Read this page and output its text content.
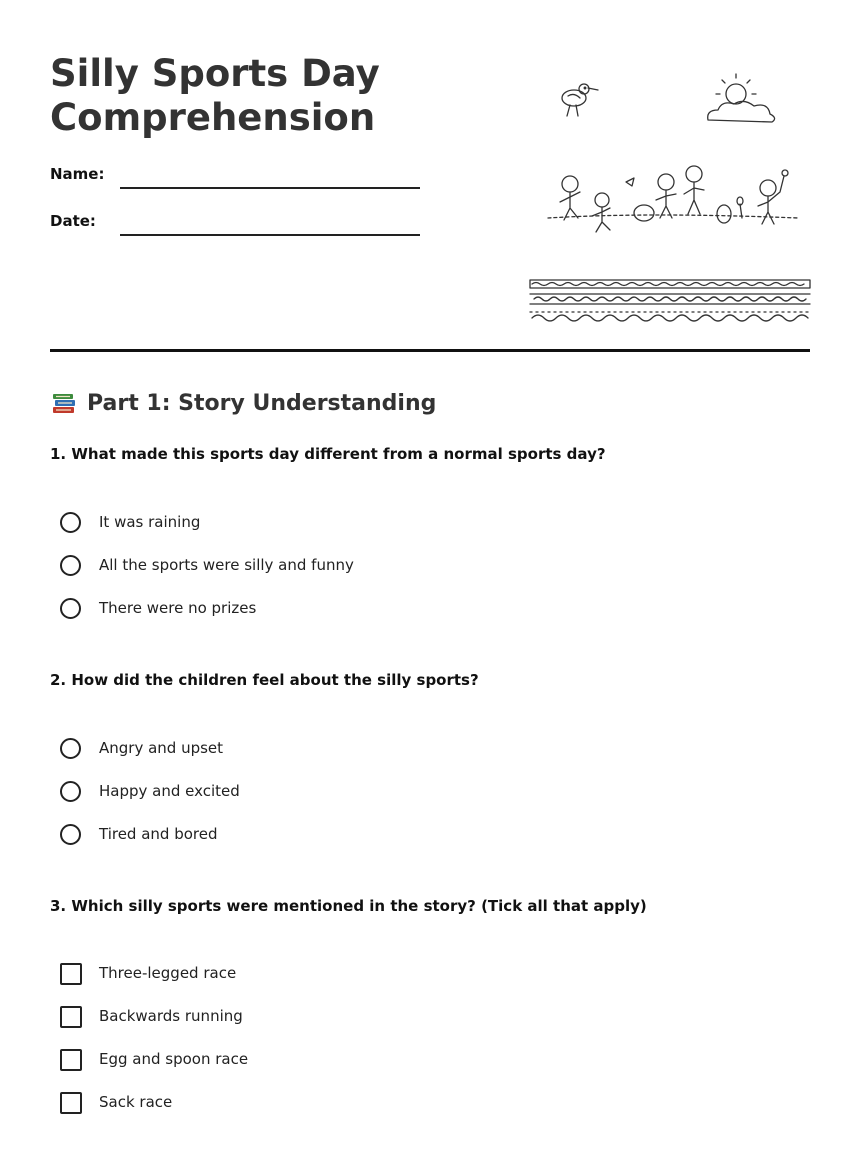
Silly Sports Day
Comprehension
Name:
Date:
Part 1: Story Understanding

1. What made this sports day different from a normal sports day?

It was raining
All the sports were silly and funny
There were no prizes

2. How did the children feel about the silly sports?

Angry and upset
Happy and excited
Tired and bored

3. Which silly sports were mentioned in the story? (Tick all that apply)

Three-legged race
Backwards running
Egg and spoon race
Sack race
